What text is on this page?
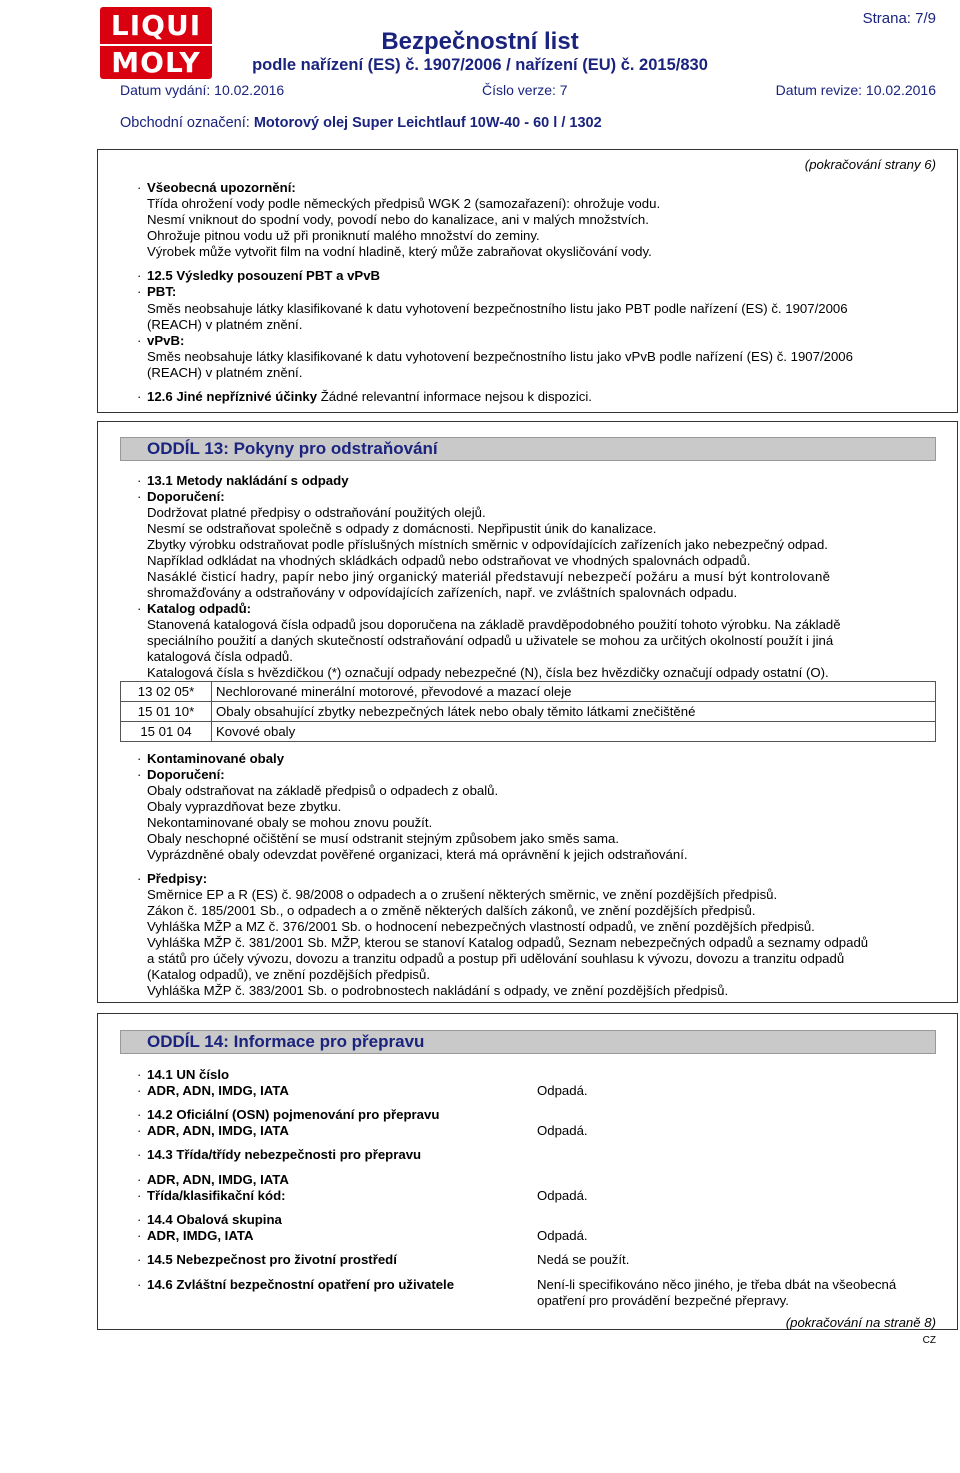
LIQUI
MOLY
Strana: 7/9
Bezpečnostní list
podle nařízení (ES) č. 1907/2006 / nařízení (EU) č. 2015/830
Datum vydání: 10.02.2016	Číslo verze: 7	Datum revize: 10.02.2016
Obchodní označení: Motorový olej Super Leichtlauf 10W-40 - 60 l / 1302
(pokračování strany 6)
· Všeobecná upozornění:
Třída ohrožení vody podle německých předpisů WGK 2 (samozařazení): ohrožuje vodu.
Nesmí vniknout do spodní vody, povodí nebo do kanalizace, ani v malých množstvích.
Ohrožuje pitnou vodu už při proniknutí malého množství do zeminy.
Výrobek může vytvořit film na vodní hladině, který může zabraňovat okysličování vody.
· 12.5 Výsledky posouzení PBT a vPvB
· PBT:
Směs neobsahuje látky klasifikované k datu vyhotovení bezpečnostního listu jako PBT podle nařízení (ES) č. 1907/2006
(REACH) v platném znění.
· vPvB:
Směs neobsahuje látky klasifikované k datu vyhotovení bezpečnostního listu jako vPvB podle nařízení (ES) č. 1907/2006
(REACH) v platném znění.
· 12.6 Jiné nepříznivé účinky Žádné relevantní informace nejsou k dispozici.
ODDÍL 13: Pokyny pro odstraňování
· 13.1 Metody nakládání s odpady
· Doporučení:
Dodržovat platné předpisy o odstraňování použitých olejů.
Nesmí se odstraňovat společně s odpady z domácnosti. Nepřipustit únik do kanalizace.
Zbytky výrobku odstraňovat podle příslušných místních směrnic v odpovídajících zařízeních jako nebezpečný odpad.
Například odkládat na vhodných skládkách odpadů nebo odstraňovat ve vhodných spalovnách odpadů.
Nasáklé čisticí hadry, papír nebo jiný organický materiál představují nebezpečí požáru a musí být kontrolovaně
shromažďovány a odstraňovány v odpovídajících zařízeních, např. ve zvláštních spalovnách odpadu.
· Katalog odpadů:
Stanovená katalogová čísla odpadů jsou doporučena na základě pravděpodobného použití tohoto výrobku. Na základě
speciálního použití a daných skutečností odstraňování odpadů u uživatele se mohou za určitých okolností použít i jiná
katalogová čísla odpadů.
Katalogová čísla s hvězdičkou (*) označují odpady nebezpečné (N), čísla bez hvězdičky označují odpady ostatní (O).
13 02 05*	Nechlorované minerální motorové, převodové a mazací oleje
15 01 10*	Obaly obsahující zbytky nebezpečných látek nebo obaly těmito látkami znečištěné
15 01 04	Kovové obaly
· Kontaminované obaly
· Doporučení:
Obaly odstraňovat na základě předpisů o odpadech z obalů.
Obaly vyprazdňovat beze zbytku.
Nekontaminované obaly se mohou znovu použít.
Obaly neschopné očištění se musí odstranit stejným způsobem jako směs sama.
Vyprázdněné obaly odevzdat pověřené organizaci, která má oprávnění k jejich odstraňování.
· Předpisy:
Směrnice EP a R (ES) č. 98/2008 o odpadech a o zrušení některých směrnic, ve znění pozdějších předpisů.
Zákon č. 185/2001 Sb., o odpadech a o změně některých dalších zákonů, ve znění pozdějších předpisů.
Vyhláška MŽP a MZ č. 376/2001 Sb. o hodnocení nebezpečných vlastností odpadů, ve znění pozdějších předpisů.
Vyhláška MŽP č. 381/2001 Sb. MŽP, kterou se stanoví Katalog odpadů, Seznam nebezpečných odpadů a seznamy odpadů
a států pro účely vývozu, dovozu a tranzitu odpadů a postup při udělování souhlasu k vývozu, dovozu a tranzitu odpadů
(Katalog odpadů), ve znění pozdějších předpisů.
Vyhláška MŽP č. 383/2001 Sb. o podrobnostech nakládání s odpady, ve znění pozdějších předpisů.
ODDÍL 14: Informace pro přepravu
· 14.1 UN číslo
· ADR, ADN, IMDG, IATA	Odpadá.
· 14.2 Oficiální (OSN) pojmenování pro přepravu
· ADR, ADN, IMDG, IATA	Odpadá.
· 14.3 Třída/třídy nebezpečnosti pro přepravu
· ADR, ADN, IMDG, IATA
· Třída/klasifikační kód:	Odpadá.
· 14.4 Obalová skupina
· ADR, IMDG, IATA	Odpadá.
· 14.5 Nebezpečnost pro životní prostředí	Nedá se použít.
· 14.6 Zvláštní bezpečnostní opatření pro uživatele	Není-li specifikováno něco jiného, je třeba dbát na všeobecná
opatření pro provádění bezpečné přepravy.
(pokračování na straně 8)
CZ
